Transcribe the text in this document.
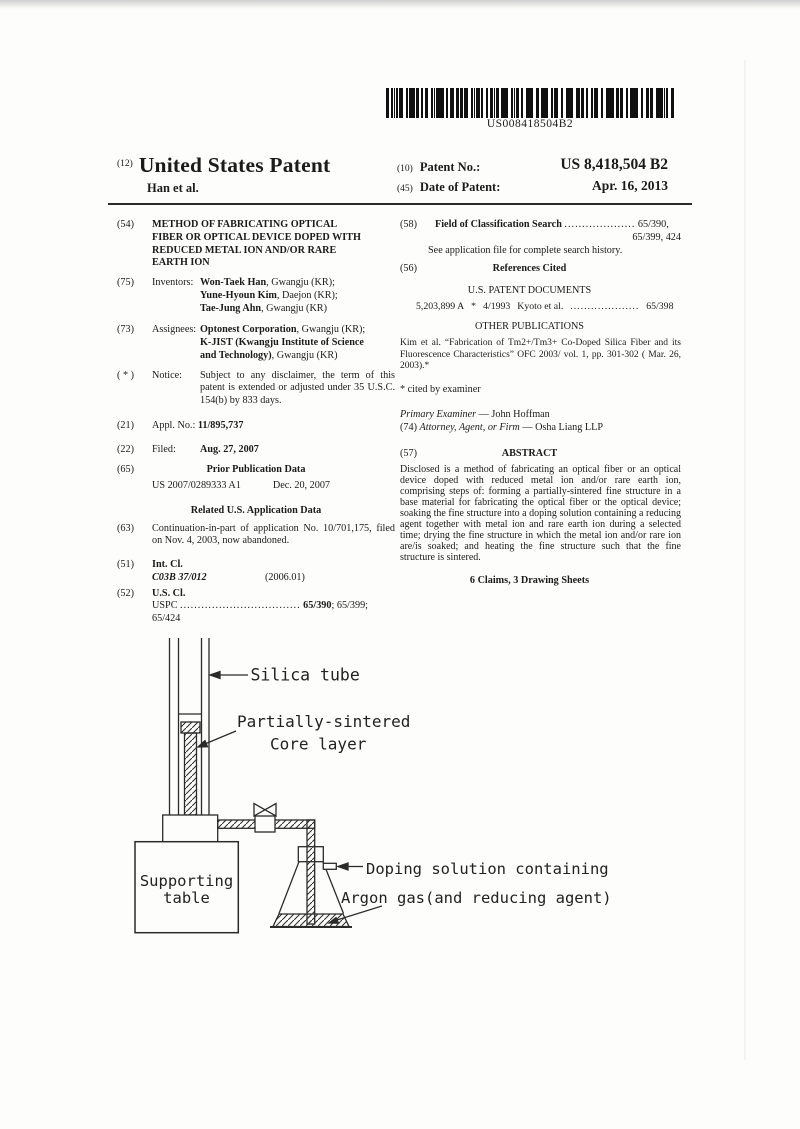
US008418504B2
$^{(12)}$ United States Patent
Han et al.
(10) Patent No.:	US 8,418,504 B2
(45) Date of Patent:	Apr. 16, 2013
(54)	METHOD OF FABRICATING OPTICAL
FIBER OR OPTICAL DEVICE DOPED WITH
REDUCED METAL ION AND/OR RARE
EARTH ION
(75)	Inventors: Won-Taek Han, Gwangju (KR);
Yune-Hyoun Kim, Daejon (KR);
Tae-Jung Ahn, Gwangju (KR)
(73)	Assignees: Optonest Corporation, Gwangju (KR);
K-JIST (Kwangju Institute of Science
and Technology), Gwangju (KR)
( * )	Notice:	Subject to any disclaimer, the term of this patent is extended or adjusted under 35 U.S.C. 154(b) by 833 days.
(21)	Appl. No.: 11/895,737
(22)	Filed:	Aug. 27, 2007
(65)	Prior Publication Data
US 2007/0289333 A1	Dec. 20, 2007
Related U.S. Application Data
(63)	Continuation-in-part of application No. 10/701,175, filed on Nov. 4, 2003, now abandoned.
(51)	Int. Cl.
C03B 37/012	(2006.01)
(52)	U.S. Cl.
USPC .................................. 65/390; 65/399; 65/424
(58)	Field of Classification Search .................... 65/390,
65/399, 424
See application file for complete search history.
(56)	References Cited
U.S. PATENT DOCUMENTS
5,203,899 A * 4/1993 Kyoto et al. .................... 65/398
OTHER PUBLICATIONS
Kim et al. “Fabrication of Tm2+/Tm3+ Co-Doped Silica Fiber and its Fluorescence Characteristics” OFC 2003/ vol. 1, pp. 301-302 ( Mar. 26, 2003).*
* cited by examiner
Primary Examiner — John Hoffman
(74) Attorney, Agent, or Firm — Osha Liang LLP
(57)	ABSTRACT
Disclosed is a method of fabricating an optical fiber or an optical device doped with reduced metal ion and/or rare earth ion, comprising steps of: forming a partially-sintered fine structure in a base material for fabricating the optical fiber or the optical device; soaking the fine structure into a doping solution containing a reducing agent together with metal ion and rare earth ion during a selected time; drying the fine structure in which the metal ion and/or rare ion are/is soaked; and heating the fine structure such that the fine structure is sintered.
6 Claims, 3 Drawing Sheets
Silica tube
Partially-sintered
Core layer
Doping solution containing
Argon gas(and reducing agent)
Supporting
table
